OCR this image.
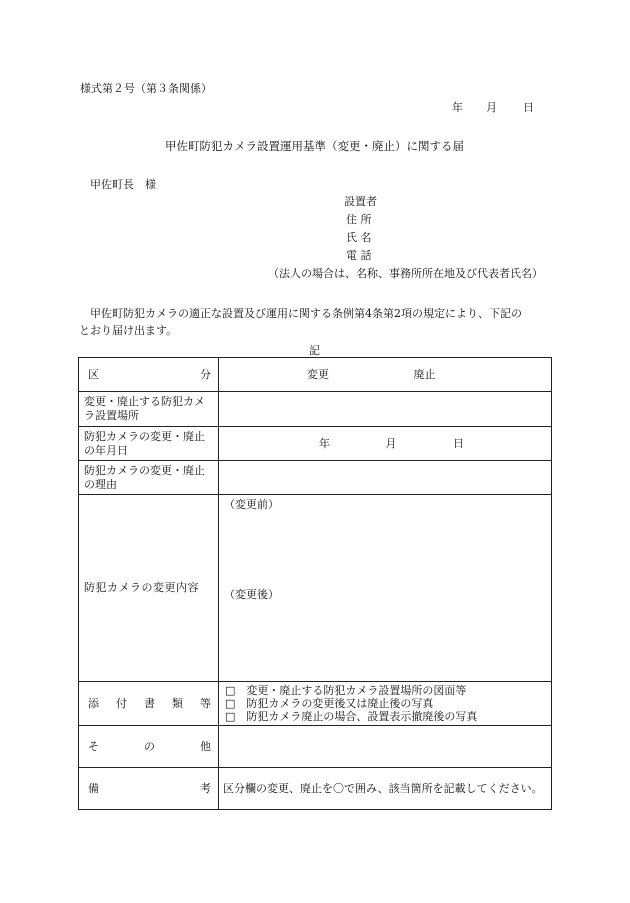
様式第２号（第３条関係）
年 月 日
甲佐町防犯カメラ設置運用基準（変更・廃止）に関する届
甲佐町長　様
設置者
住 所
氏 名
電 話
（法人の場合は、名称、事務所所在地及び代表者氏名）
甲佐町防犯カメラの適正な設置及び運用に関する条例第4条第2項の規定により、下記の
とおり届け出ます。
記
区 分	変更 廃止
変更・廃止する防犯カメラ設置場所	
防犯カメラの変更・廃止の年月日	年 月 日
防犯カメラの変更・廃止の理由	
防犯カメラの変更内容	（変更前）
（変更後）

添 付 書 類 等	□　変更・廃止する防犯カメラ設置場所の図面等
□　防犯カメラの変更後又は廃止後の写真
□　防犯カメラ廃止の場合、設置表示撤廃後の写真

そ の 他	

備 考	区分欄の変更、廃止を〇で囲み、該当箇所を記載してください。
